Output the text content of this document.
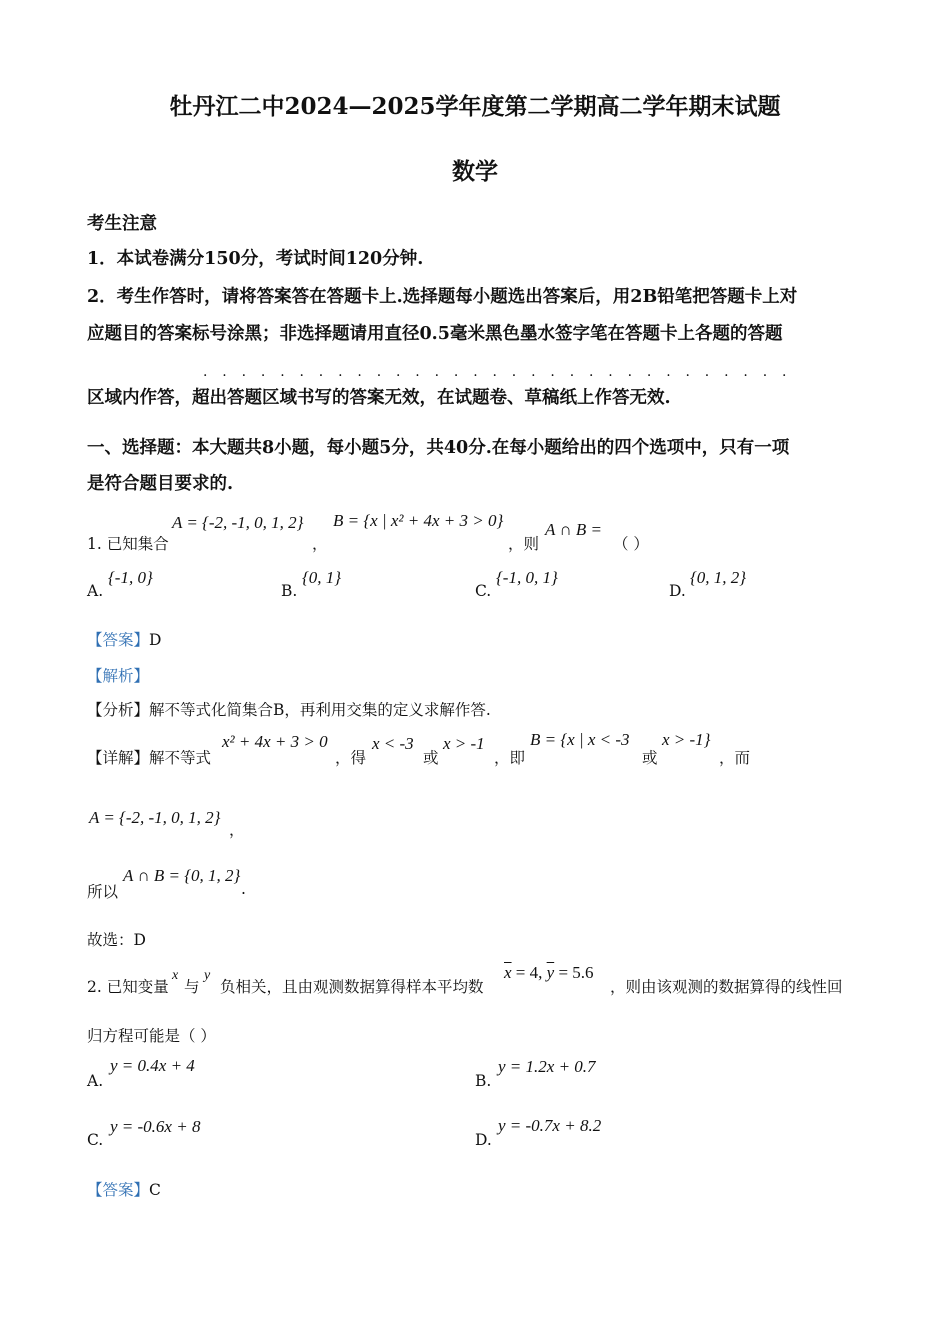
牡丹江二中2024—2025学年度第二学期高二学年期末试题
数学
考生注意
1．本试卷满分150分，考试时间120分钟.
2．考生作答时，请将答案答在答题卡上.选择题每小题选出答案后，用2B铅笔把答题卡上对
应题目的答案标号涂黑；非选择题请用直径0.5毫米黑色墨水签字笔在答题卡上各题的答题
· · · · · · · · · · · · · · · · · · · · · · · · · · · · · · ·
区域内作答，超出答题区域书写的答案无效，在试题卷、草稿纸上作答无效.
一、选择题：本大题共8小题，每小题5分，共40分.在每小题给出的四个选项中，只有一项
是符合题目要求的.
1. 已知集合
A = {-2, -1, 0, 1, 2}
，
B = {x | x² + 4x + 3 > 0}
，则
A ∩ B =
（ ）
A.
{-1, 0}
B.
{0, 1}
C.
{-1, 0, 1}
D.
{0, 1, 2}
【答案】D
【解析】
【分析】解不等式化简集合B，再利用交集的定义求解作答.
【详解】解不等式
x² + 4x + 3 > 0
，得
x < -3
或
x > -1
，即
B = {x | x < -3
或
x > -1}
，而
A = {-2, -1, 0, 1, 2}
，
所以
A ∩ B = {0, 1, 2}
.
故选：D
2. 已知变量
x
与
y
负相关，且由观测数据算得样本平均数
$\overline{x} = 4$, $\overline{y} = 5.6$
，则由该观测的数据算得的线性回
归方程可能是（ ）
A.
y = 0.4x + 4
B.
y = 1.2x + 0.7
C.
y = -0.6x + 8
D.
y = -0.7x + 8.2
【答案】C
